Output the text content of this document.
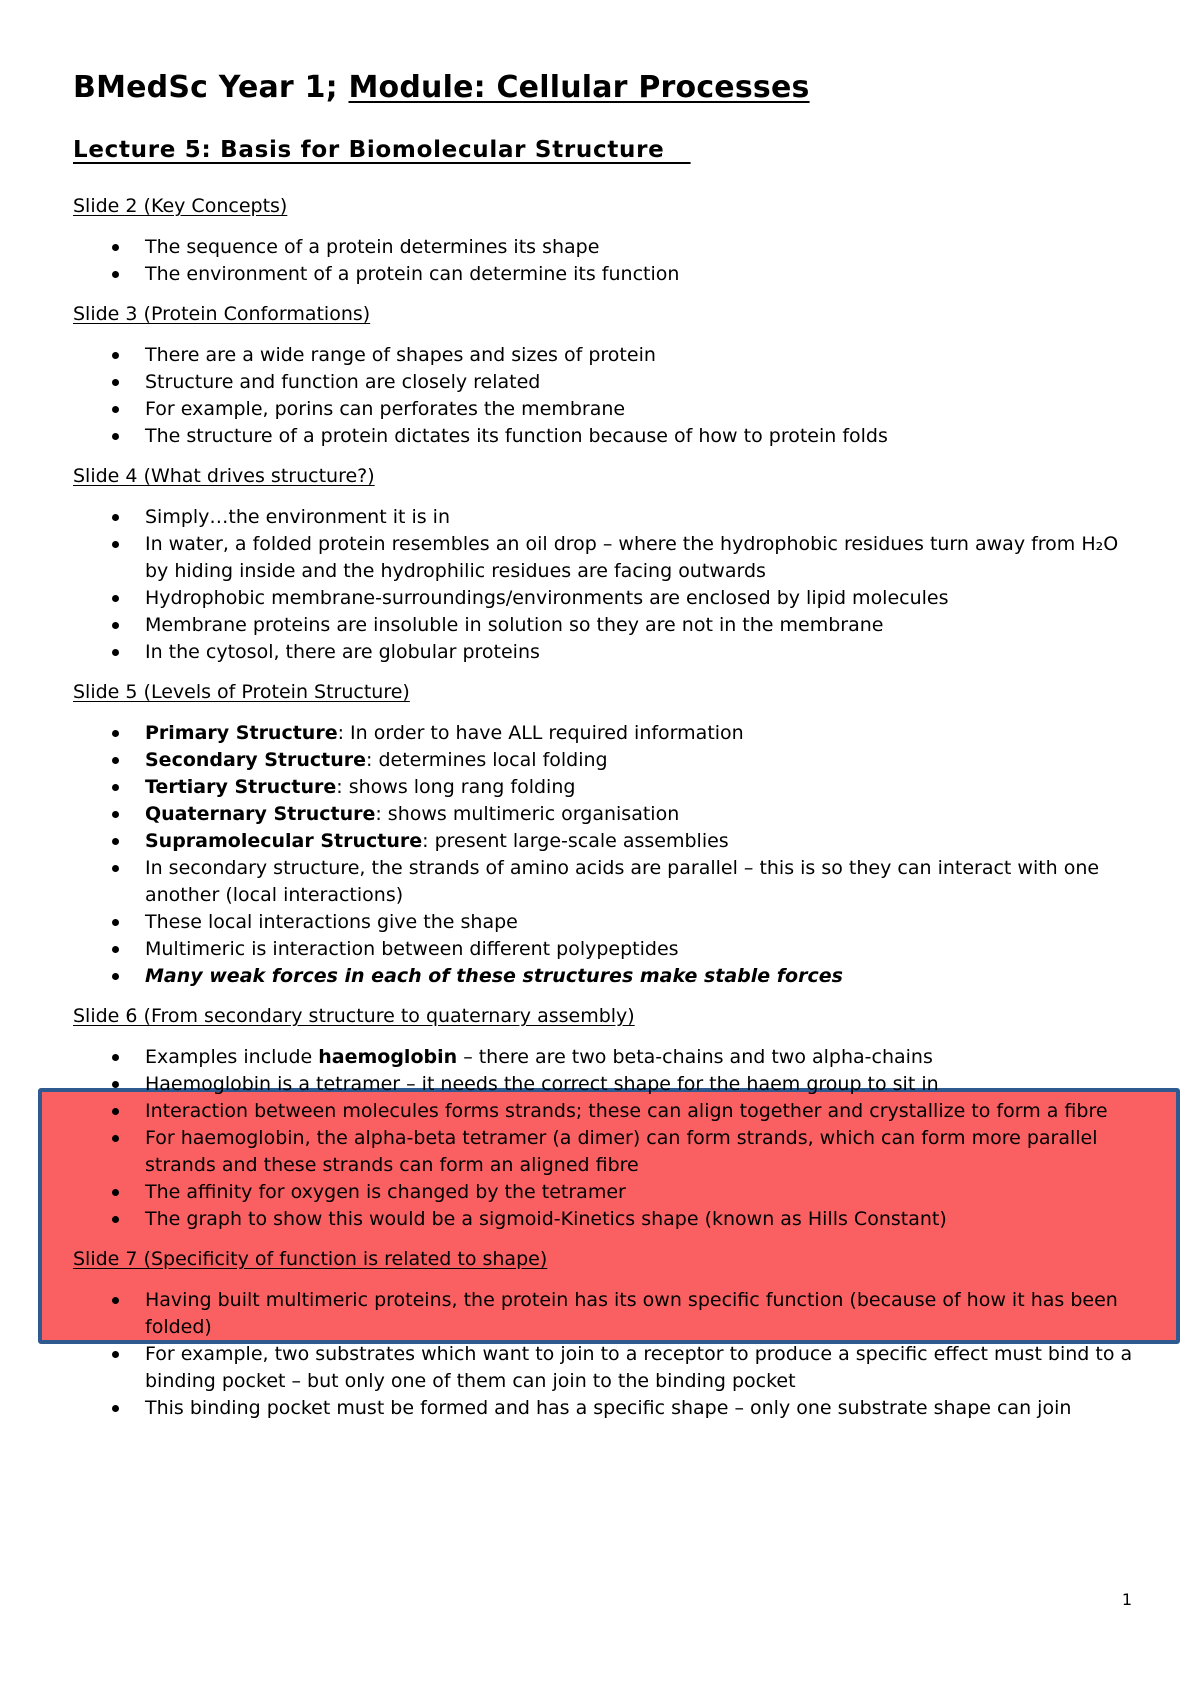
BMedSc Year 1; Module: Cellular Processes
Lecture 5: Basis for Biomolecular Structure
Slide 2 (Key Concepts)
The sequence of a protein determines its shape
The environment of a protein can determine its function
Slide 3 (Protein Conformations)
There are a wide range of shapes and sizes of protein
Structure and function are closely related
For example, porins can perforates the membrane
The structure of a protein dictates its function because of how to protein folds
Slide 4 (What drives structure?)
Simply…the environment it is in
In water, a folded protein resembles an oil drop – where the hydrophobic residues turn away from H₂O by hiding inside and the hydrophilic residues are facing outwards
Hydrophobic membrane-surroundings/environments are enclosed by lipid molecules
Membrane proteins are insoluble in solution so they are not in the membrane
In the cytosol, there are globular proteins
Slide 5 (Levels of Protein Structure)
Primary Structure: In order to have ALL required information
Secondary Structure: determines local folding
Tertiary Structure: shows long rang folding
Quaternary Structure: shows multimeric organisation
Supramolecular Structure: present large-scale assemblies
In secondary structure, the strands of amino acids are parallel – this is so they can interact with one another (local interactions)
These local interactions give the shape
Multimeric is interaction between different polypeptides
Many weak forces in each of these structures make stable forces
Slide 6 (From secondary structure to quaternary assembly)
Examples include haemoglobin – there are two beta-chains and two alpha-chains
Haemoglobin is a tetramer – it needs the correct shape for the haem group to sit in
Interaction between molecules forms strands; these can align together and crystallize to form a fibre
For haemoglobin, the alpha-beta tetramer (a dimer) can form strands, which can form more parallel strands and these strands can form an aligned fibre
The affinity for oxygen is changed by the tetramer
The graph to show this would be a sigmoid-Kinetics shape (known as Hills Constant)
Slide 7 (Specificity of function is related to shape)
Having built multimeric proteins, the protein has its own specific function (because of how it has been folded)
For example, two substrates which want to join to a receptor to produce a specific effect must bind to a binding pocket – but only one of them can join to the binding pocket
This binding pocket must be formed and has a specific shape – only one substrate shape can join
1
